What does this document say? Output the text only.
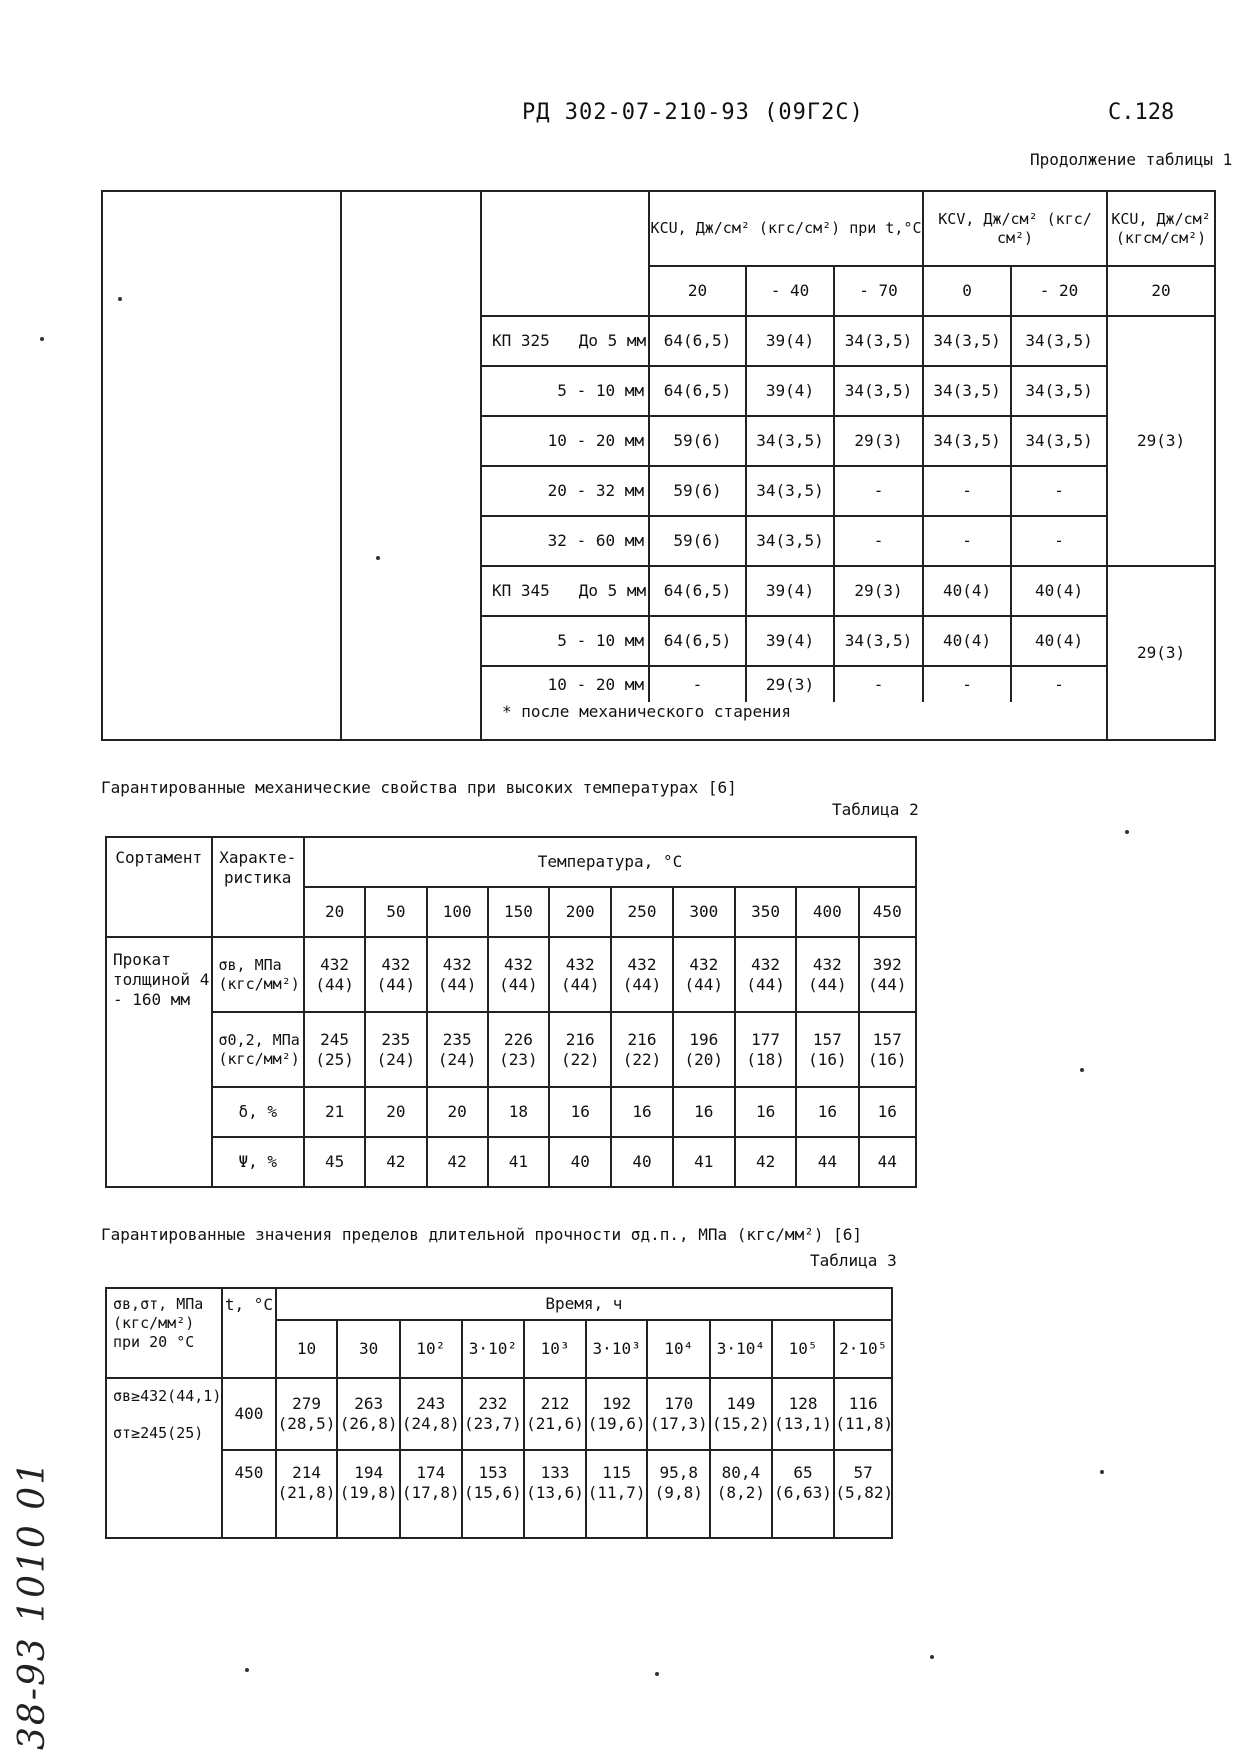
РД 302-07-210-93 (09Г2С)	С.128
Продолжение таблицы 1
			KCU, Дж/см² (кгс/см²) при t,°C			KCV, Дж/см² (кгс/см²)		KCU, Дж/см² (кгсм/см²)
			20	- 40	- 70	0	- 20	20
		КП 325 До 5 мм	64(6,5)	39(4)	34(3,5)	34(3,5)	34(3,5)	29(3)
		5 - 10 мм	64(6,5)	39(4)	34(3,5)	34(3,5)	34(3,5)	
		10 - 20 мм	59(6)	34(3,5)	29(3)	34(3,5)	34(3,5)	
		20 - 32 мм	59(6)	34(3,5)	-	-	-	
		32 - 60 мм	59(6)	34(3,5)	-	-	-	
		КП 345 До 5 мм	64(6,5)	39(4)	29(3)	40(4)	40(4)	29(3)
		5 - 10 мм	64(6,5)	39(4)	34(3,5)	40(4)	40(4)	
		10 - 20 мм	-	29(3)	-	-	-	
		* после механического старения						
Гарантированные механические свойства при высоких температурах [6]
Таблица 2
Сортамент	Характе-ристика	Температура, °С									
		20	50	100	150	200	250	300	350	400	450
Прокат толщиной 4 - 160 мм	σв, МПа (кгс/мм²)	432 (44)	432 (44)	432 (44)	432 (44)	432 (44)	432 (44)	432 (44)	432 (44)	432 (44)	392 (44)
	σ0,2, МПа (кгс/мм²)	245 (25)	235 (24)	235 (24)	226 (23)	216 (22)	216 (22)	196 (20)	177 (18)	157 (16)	157 (16)
	δ, %	21	20	20	18	16	16	16	16	16	16
	Ψ, %	45	42	42	41	40	40	41	42	44	44
Гарантированные значения пределов длительной прочности σд.п., МПа (кгс/мм²) [6]
Таблица 3
σв,σт, МПа (кгс/мм²) при 20 °С	t, °С	Время, ч									
		10	30	10²	3·10²	10³	3·10³	10⁴	3·10⁴	10⁵	2·10⁵

σв≥432(44,1)
σт≥245(25)	400	279 (28,5)	263 (26,8)	243 (24,8)	232 (23,7)	212 (21,6)	192 (19,6)	170 (17,3)	149 (15,2)	128 (13,1)	116 (11,8)
	450	214 (21,8)	194 (19,8)	174 (17,8)	153 (15,6)	133 (13,6)	115 (11,7)	95,8 (9,8)	80,4 (8,2)	65 (6,63)	57 (5,82)
38-93 1010 01
